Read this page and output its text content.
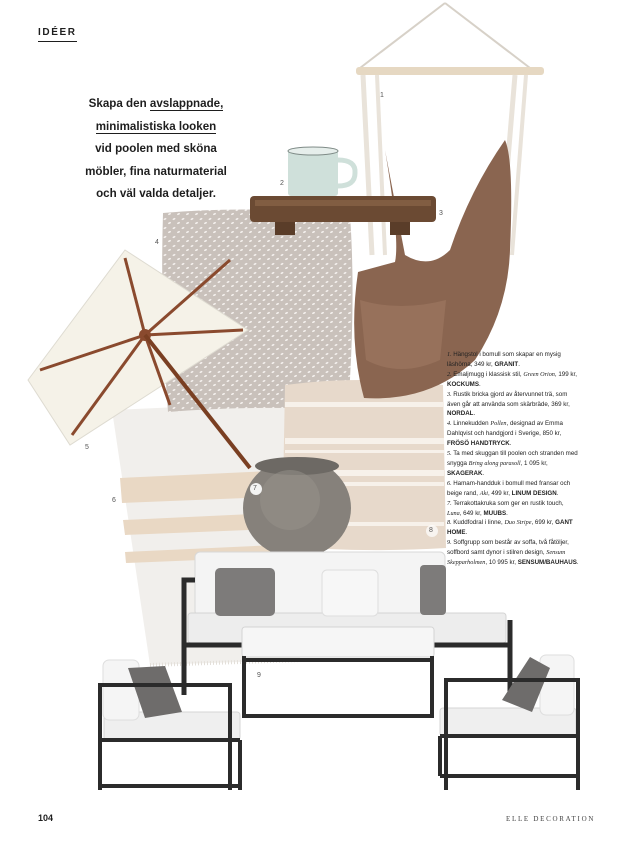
IDÉER
Skapa den avslappnade,
minimalistiska looken
vid poolen med sköna
möbler, fina naturmaterial
och väl valda detaljer.
1
2
3
4
5
6
7
8
9

1. Hängstol i bomull som skapar en mysig läshörna, 349 kr, GRANIT.

2. Emaljmugg i klassisk stil, Green Orion, 199 kr, KOCKUMS.

3. Rustik bricka gjord av återvunnet trä, som även går att använda som skärbräde, 369 kr, NORDAL.

4. Linnekudden Pollen, designad av Emma Dahlqvist och handgjord i Sverige, 850 kr, FRÖSÖ HANDTRYCK.

5. Ta med skuggan till poolen och stranden med snygga Bring along parasoll, 1 095 kr, SKAGERAK.

6. Hamam-handduk i bomull med fransar och beige rand, Aki, 499 kr, LINUM DESIGN.

7. Terrakottakruka som ger en rustik touch, Luna, 649 kr, MUUBS.

8. Kuddfodral i linne, Duo Stripe, 699 kr, GANT HOME.

9. Soffgrupp som består av soffa, två fåtöljer, soffbord samt dynor i stilren design, Sensum Skepparholmen, 10 995 kr, SENSUM/BAUHAUS.

104	ELLE DECORATION
